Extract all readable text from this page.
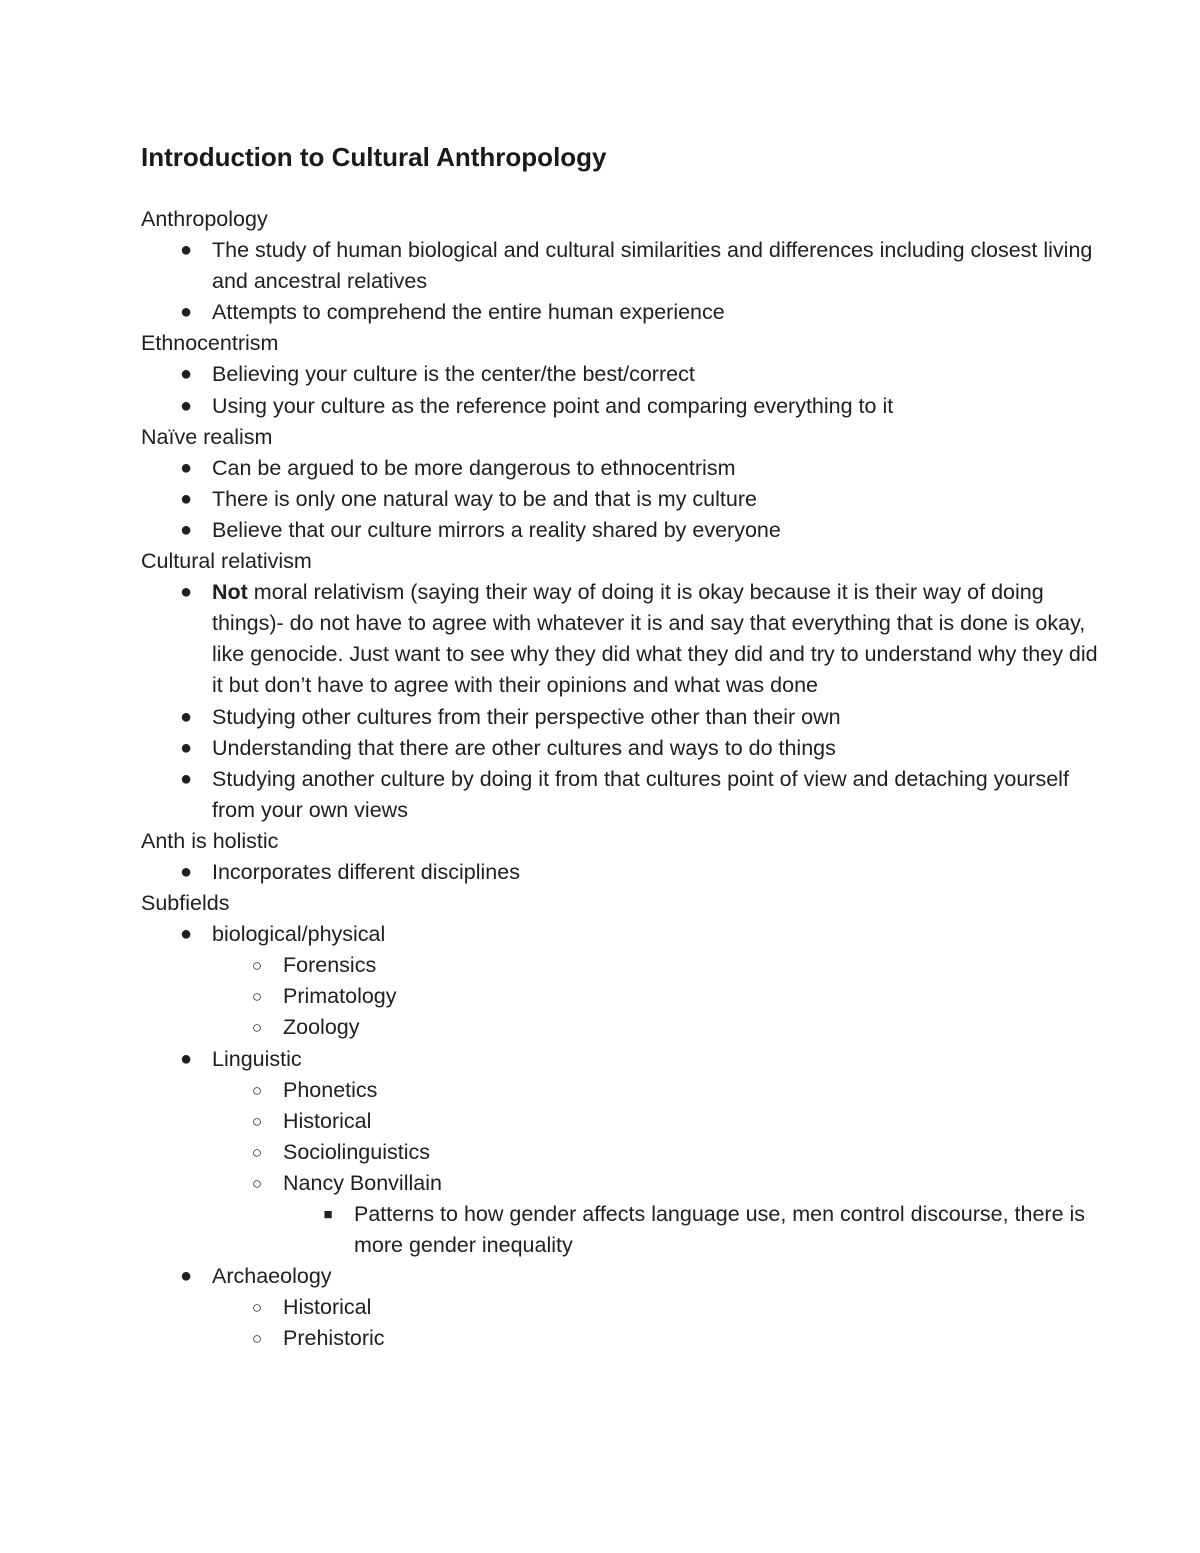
Introduction to Cultural Anthropology

Anthropology

● The study of human biological and cultural similarities and differences including closest living and ancestral relatives
● Attempts to comprehend the entire human experience

Ethnocentrism

● Believing your culture is the center/the best/correct
● Using your culture as the reference point and comparing everything to it

Naïve realism

● Can be argued to be more dangerous to ethnocentrism
● There is only one natural way to be and that is my culture
● Believe that our culture mirrors a reality shared by everyone

Cultural relativism

● Not moral relativism (saying their way of doing it is okay because it is their way of doing things)- do not have to agree with whatever it is and say that everything that is done is okay, like genocide. Just want to see why they did what they did and try to understand why they did it but don’t have to agree with their opinions and what was done
● Studying other cultures from their perspective other than their own
● Understanding that there are other cultures and ways to do things
● Studying another culture by doing it from that cultures point of view and detaching yourself from your own views

Anth is holistic

● Incorporates different disciplines

Subfields

● biological/physical
○ Forensics
○ Primatology
○ Zoology
● Linguistic
○ Phonetics
○ Historical
○ Sociolinguistics
○ Nancy Bonvillain
■ Patterns to how gender affects language use, men control discourse, there is more gender inequality
● Archaeology
○ Historical
○ Prehistoric
